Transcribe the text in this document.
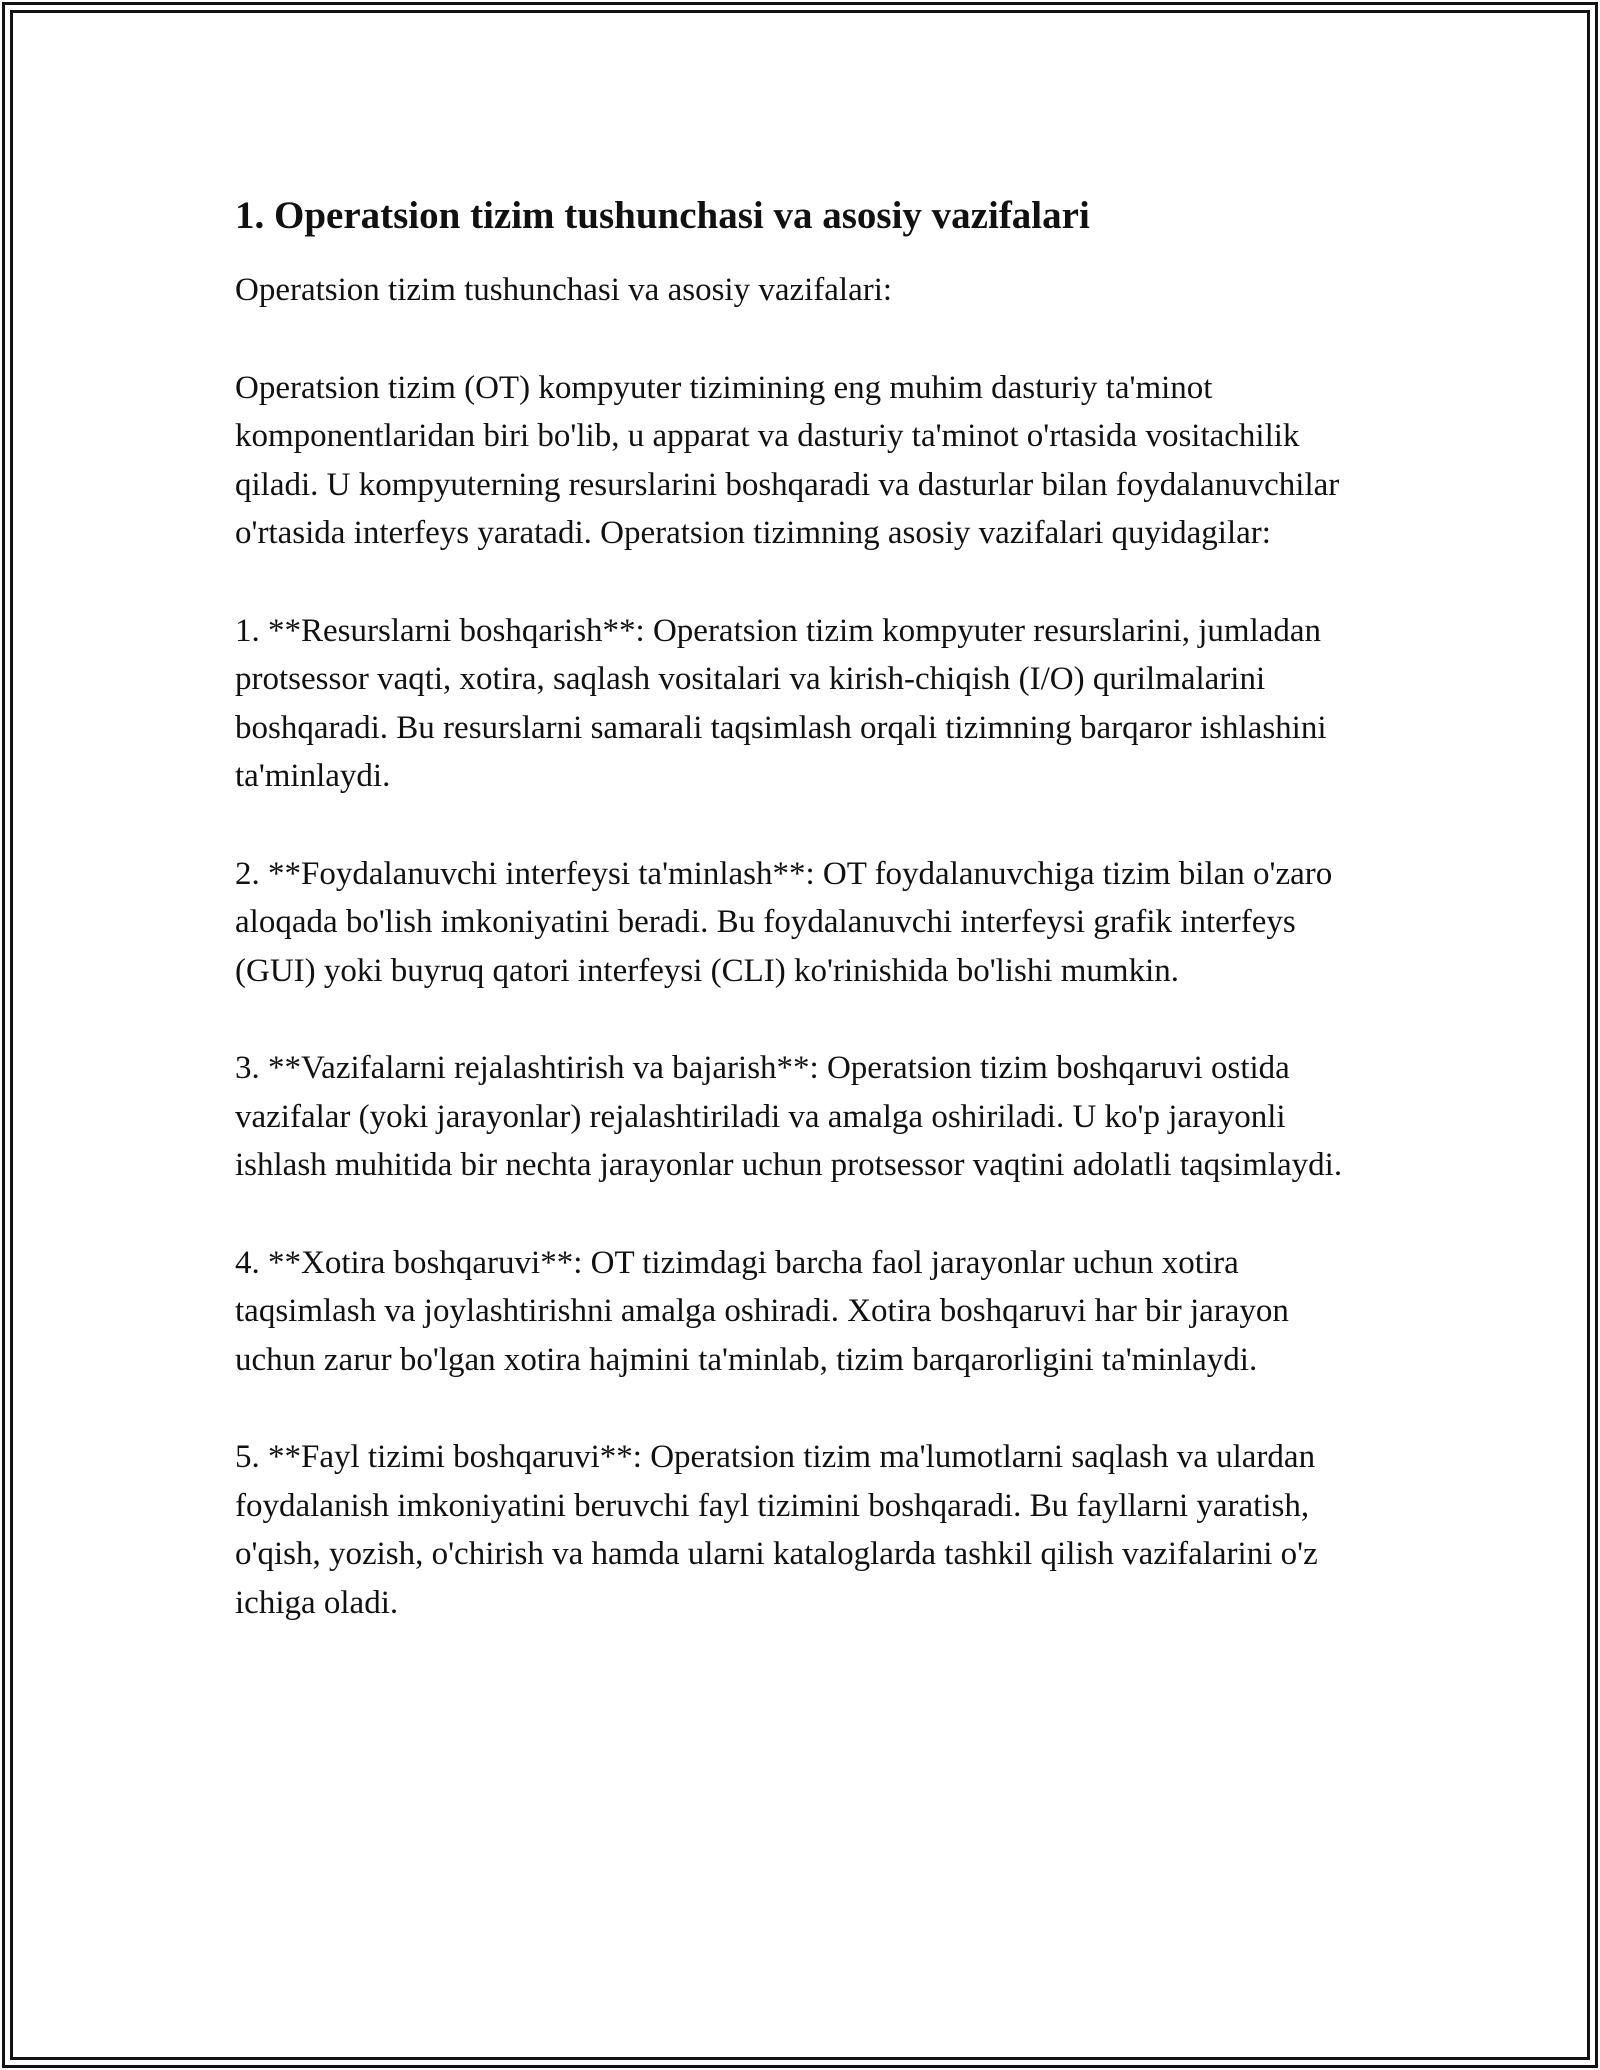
1. Operatsion tizim tushunchasi va asosiy vazifalari

Operatsion tizim tushunchasi va asosiy vazifalari:

Operatsion tizim (OT) kompyuter tizimining eng muhim dasturiy ta'minot komponentlaridan biri bo'lib, u apparat va dasturiy ta'minot o'rtasida vositachilik qiladi. U kompyuterning resurslarini boshqaradi va dasturlar bilan foydalanuvchilar o'rtasida interfeys yaratadi. Operatsion tizimning asosiy vazifalari quyidagilar:

1. **Resurslarni boshqarish**: Operatsion tizim kompyuter resurslarini, jumladan protsessor vaqti, xotira, saqlash vositalari va kirish-chiqish (I/O) qurilmalarini boshqaradi. Bu resurslarni samarali taqsimlash orqali tizimning barqaror ishlashini ta'minlaydi.

2. **Foydalanuvchi interfeysi ta'minlash**: OT foydalanuvchiga tizim bilan o'zaro aloqada bo'lish imkoniyatini beradi. Bu foydalanuvchi interfeysi grafik interfeys (GUI) yoki buyruq qatori interfeysi (CLI) ko'rinishida bo'lishi mumkin.

3. **Vazifalarni rejalashtirish va bajarish**: Operatsion tizim boshqaruvi ostida vazifalar (yoki jarayonlar) rejalashtiriladi va amalga oshiriladi. U ko'p jarayonli ishlash muhitida bir nechta jarayonlar uchun protsessor vaqtini adolatli taqsimlaydi.

4. **Xotira boshqaruvi**: OT tizimdagi barcha faol jarayonlar uchun xotira taqsimlash va joylashtirishni amalga oshiradi. Xotira boshqaruvi har bir jarayon uchun zarur bo'lgan xotira hajmini ta'minlab, tizim barqarorligini ta'minlaydi.

5. **Fayl tizimi boshqaruvi**: Operatsion tizim ma'lumotlarni saqlash va ulardan foydalanish imkoniyatini beruvchi fayl tizimini boshqaradi. Bu fayllarni yaratish, o'qish, yozish, o'chirish va hamda ularni kataloglarda tashkil qilish vazifalarini o'z ichiga oladi.
